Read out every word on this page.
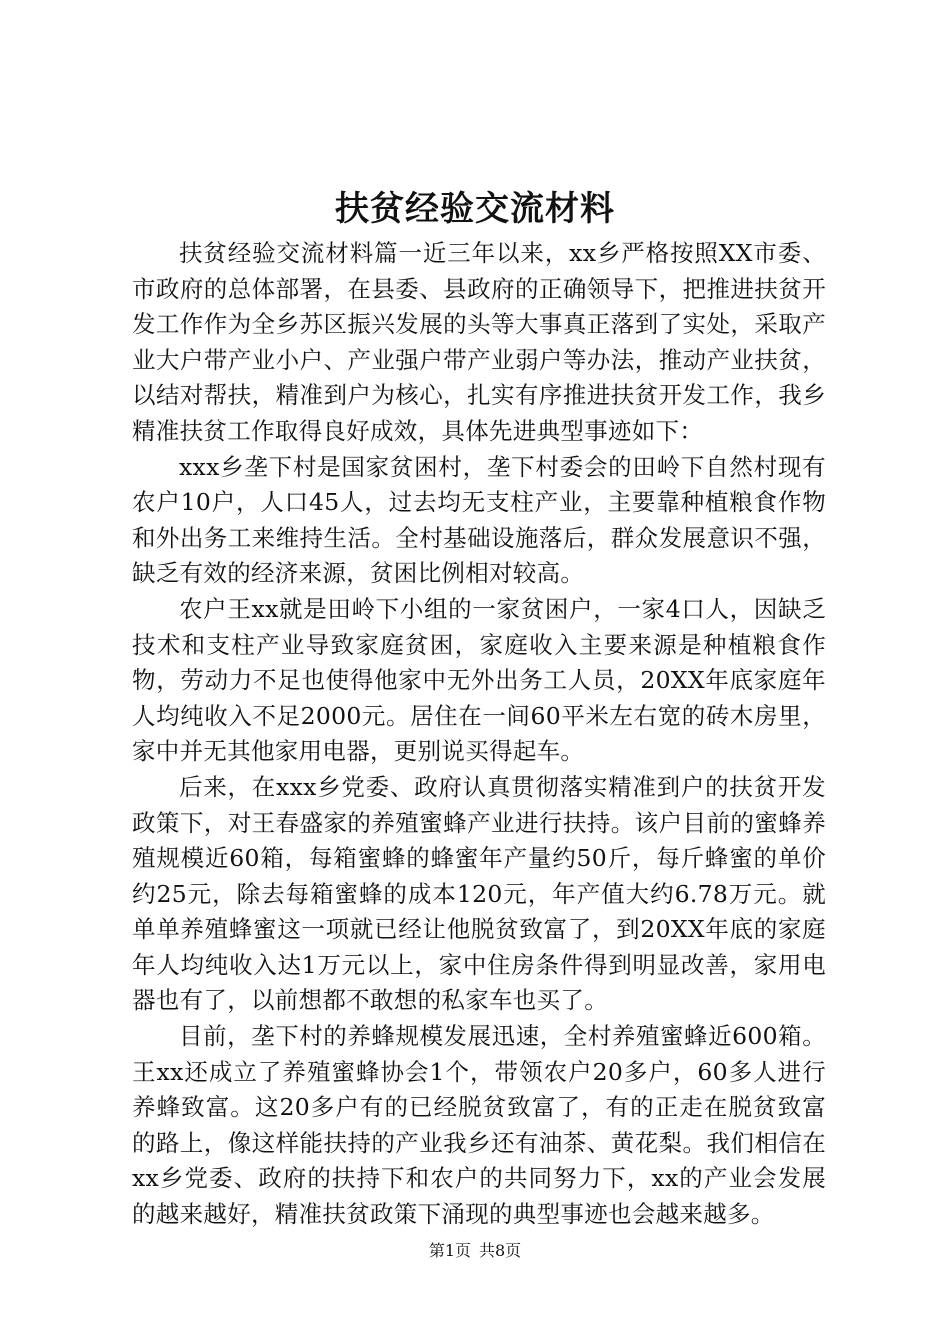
扶贫经验交流材料

扶贫经验交流材料篇一近三年以来，xx乡严格按照XX市委、市政府的总体部署，在县委、县政府的正确领导下，把推进扶贫开发工作作为全乡苏区振兴发展的头等大事真正落到了实处，采取产业大户带产业小户、产业强户带产业弱户等办法，推动产业扶贫，以结对帮扶，精准到户为核心，扎实有序推进扶贫开发工作，我乡精准扶贫工作取得良好成效，具体先进典型事迹如下：

xxx乡垄下村是国家贫困村，垄下村委会的田岭下自然村现有农户10户，人口45人，过去均无支柱产业，主要靠种植粮食作物和外出务工来维持生活。全村基础设施落后，群众发展意识不强，缺乏有效的经济来源，贫困比例相对较高。

农户王xx就是田岭下小组的一家贫困户，一家4口人，因缺乏技术和支柱产业导致家庭贫困，家庭收入主要来源是种植粮食作物，劳动力不足也使得他家中无外出务工人员，20XX年底家庭年人均纯收入不足2000元。居住在一间60平米左右宽的砖木房里，家中并无其他家用电器，更别说买得起车。

后来，在xxx乡党委、政府认真贯彻落实精准到户的扶贫开发政策下，对王春盛家的养殖蜜蜂产业进行扶持。该户目前的蜜蜂养殖规模近60箱，每箱蜜蜂的蜂蜜年产量约50斤，每斤蜂蜜的单价约25元，除去每箱蜜蜂的成本120元，年产值大约6.78万元。就单单养殖蜂蜜这一项就已经让他脱贫致富了，到20XX年底的家庭年人均纯收入达1万元以上，家中住房条件得到明显改善，家用电器也有了，以前想都不敢想的私家车也买了。

目前，垄下村的养蜂规模发展迅速，全村养殖蜜蜂近600箱。王xx还成立了养殖蜜蜂协会1个，带领农户20多户，60多人进行养蜂致富。这20多户有的已经脱贫致富了，有的正走在脱贫致富的路上，像这样能扶持的产业我乡还有油茶、黄花梨。我们相信在xx乡党委、政府的扶持下和农户的共同努力下，xx的产业会发展的越来越好，精准扶贫政策下涌现的典型事迹也会越来越多。

第1页 共8页
